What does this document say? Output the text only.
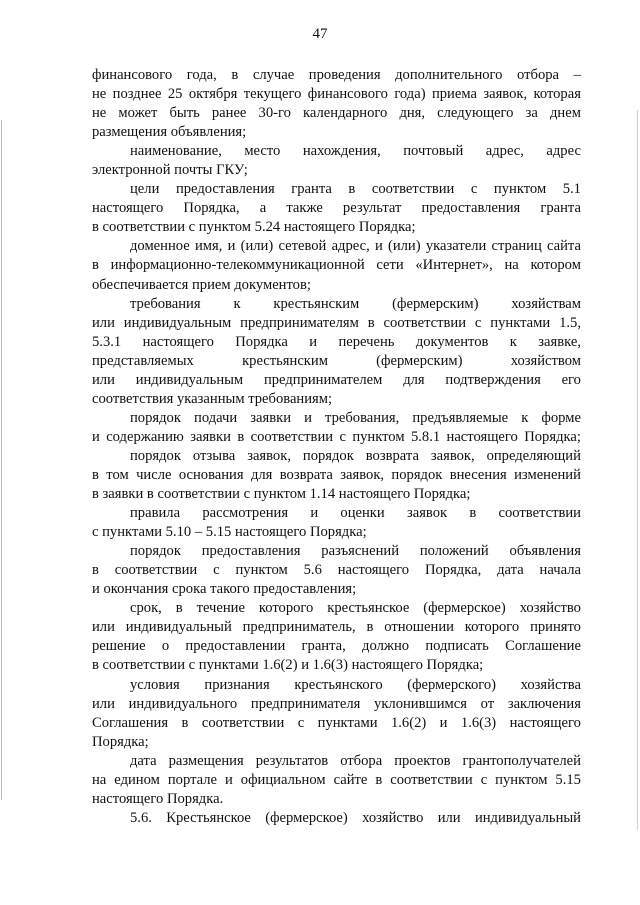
47
финансового года, в случае проведения дополнительного отбора –
не позднее 25 октября текущего финансового года) приема заявок, которая
не может быть ранее 30-го календарного дня, следующего за днем
размещения объявления;
наименование, место нахождения, почтовый адрес, адрес
электронной почты ГКУ;
цели предоставления гранта в соответствии с пунктом 5.1
настоящего Порядка, а также результат предоставления гранта
в соответствии с пунктом 5.24 настоящего Порядка;
доменное имя, и (или) сетевой адрес, и (или) указатели страниц сайта
в информационно-телекоммуникационной сети «Интернет», на котором
обеспечивается прием документов;
требования к крестьянским (фермерским) хозяйствам
или индивидуальным предпринимателям в соответствии с пунктами 1.5,
5.3.1 настоящего Порядка и перечень документов к заявке,
представляемых	крестьянским	(фермерским)	хозяйством
или индивидуальным предпринимателем для подтверждения его
соответствия указанным требованиям;
порядок подачи заявки и требования, предъявляемые к форме
и содержанию заявки в соответствии с пунктом 5.8.1 настоящего Порядка;
порядок отзыва заявок, порядок возврата заявок, определяющий
в том числе основания для возврата заявок, порядок внесения изменений
в заявки в соответствии с пунктом 1.14 настоящего Порядка;
правила рассмотрения и оценки заявок в соответствии
с пунктами 5.10 – 5.15 настоящего Порядка;
порядок предоставления разъяснений положений объявления
в соответствии с пунктом 5.6 настоящего Порядка, дата начала
и окончания срока такого предоставления;
срок, в течение которого крестьянское (фермерское) хозяйство
или индивидуальный предприниматель, в отношении которого принято
решение о предоставлении гранта, должно подписать Соглашение
в соответствии с пунктами 1.6(2) и 1.6(3) настоящего Порядка;
условия признания крестьянского (фермерского) хозяйства
или индивидуального предпринимателя уклонившимся от заключения
Соглашения в соответствии с пунктами 1.6(2) и 1.6(3) настоящего
Порядка;
дата размещения результатов отбора проектов грантополучателей
на едином портале и официальном сайте в соответствии с пунктом 5.15
настоящего Порядка.
5.6. Крестьянское (фермерское) хозяйство или индивидуальный
